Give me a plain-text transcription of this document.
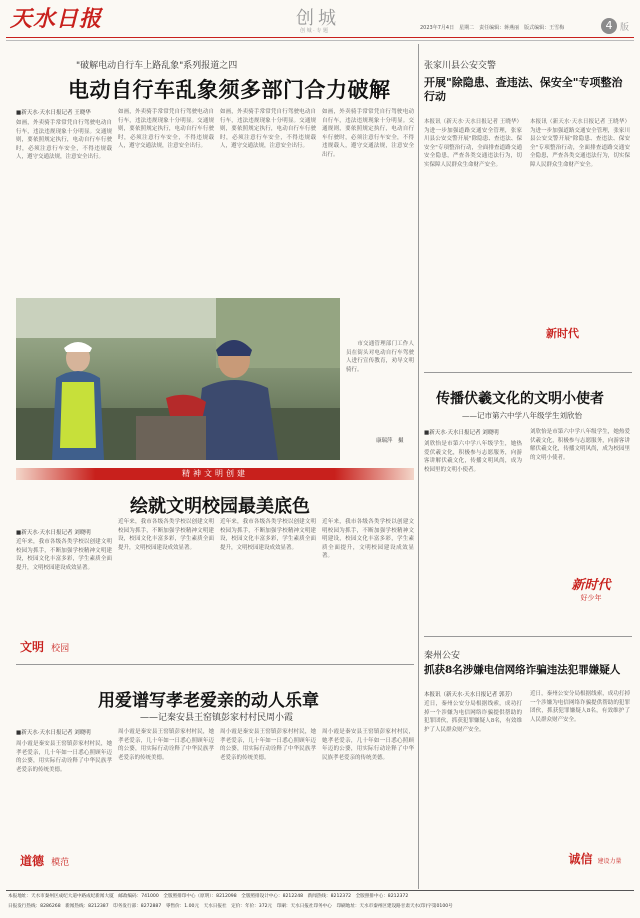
天水日报	创城
创 城 · 专 题	2023年7月4日　星期二　责任编辑：蒋燕丽　版式编辑：王雪梅	4 版
"破解电动自行车上路乱象"系列报道之四
电动自行车乱象须多部门合力破解
■新天水·天水日报记者 王晓华
如画，外卖骑手常常凭自行驾驶电动自行车，违法违规现象十分明显。交通规则，要依照规定执行，电动自行车行驶时，必须注意行车安全，不得违规载人，遵守交通法规，注意安全出行。
如画，外卖骑手常常凭自行驾驶电动自行车，违法违规现象十分明显。交通规则，要依照规定执行，电动自行车行驶时，必须注意行车安全，不得违规载人，遵守交通法规，注意安全出行。
如画，外卖骑手常常凭自行驾驶电动自行车，违法违规现象十分明显。交通规则，要依照规定执行，电动自行车行驶时，必须注意行车安全，不得违规载人，遵守交通法规，注意安全出行。
如画，外卖骑手常常凭自行驾驶电动自行车，违法违规现象十分明显。交通规则，要依照规定执行，电动自行车行驶时，必须注意行车安全，不得违规载人，遵守交通法规，注意安全出行。
　　市交通管理部门工作人员在街头对电动自行车驾驶人进行宣传教育，劝导文明骑行。
康瑞萍　摄
精神文明创建
绘就文明校园最美底色
■新天水·天水日报记者 刘晓明
近年来，我市各级各类学校以创建文明校园为抓手，不断加强学校精神文明建设，校园文化丰富多彩，学生素质全面提升，文明校园建设成效显著。
文明 校园
近年来，我市各级各类学校以创建文明校园为抓手，不断加强学校精神文明建设，校园文化丰富多彩，学生素质全面提升，文明校园建设成效显著。
近年来，我市各级各类学校以创建文明校园为抓手，不断加强学校精神文明建设，校园文化丰富多彩，学生素质全面提升，文明校园建设成效显著。
近年来，我市各级各类学校以创建文明校园为抓手，不断加强学校精神文明建设，校园文化丰富多彩，学生素质全面提升，文明校园建设成效显著。
用爱谱写孝老爱亲的动人乐章
——记秦安县王窑镇彭家村村民周小霞
■新天水·天水日报记者 刘晓明
周小霞是秦安县王窑镇彭家村村民，她孝老爱亲，几十年如一日悉心照顾年迈的公婆，用实际行动诠释了中华民族孝老爱亲的传统美德。
道德 模范
周小霞是秦安县王窑镇彭家村村民，她孝老爱亲，几十年如一日悉心照顾年迈的公婆，用实际行动诠释了中华民族孝老爱亲的传统美德。
周小霞是秦安县王窑镇彭家村村民，她孝老爱亲，几十年如一日悉心照顾年迈的公婆，用实际行动诠释了中华民族孝老爱亲的传统美德。
周小霞是秦安县王窑镇彭家村村民，她孝老爱亲，几十年如一日悉心照顾年迈的公婆，用实际行动诠释了中华民族孝老爱亲的传统美德。
张家川县公安交警
开展"除隐患、查违法、保安全"专项整治行动
本报讯（新天水·天水日报记者 王晓华）为进一步加强道路交通安全管理，张家川县公安交警开展"除隐患、查违法、保安全"专项整治行动，全面排查道路交通安全隐患，严查各类交通违法行为，切实保障人民群众生命财产安全。
本报讯（新天水·天水日报记者 王晓华）为进一步加强道路交通安全管理，张家川县公安交警开展"除隐患、查违法、保安全"专项整治行动，全面排查道路交通安全隐患，严查各类交通违法行为，切实保障人民群众生命财产安全。
新时代
传播伏羲文化的文明小使者
——记市第六中学八年级学生刘欣怡
■新天水·天水日报记者 刘晓明
刘欣怡是市第六中学八年级学生，她热爱伏羲文化，积极参与志愿服务，向游客讲解伏羲文化，传播文明风尚，成为校园里的文明小使者。
刘欣怡是市第六中学八年级学生，她热爱伏羲文化，积极参与志愿服务，向游客讲解伏羲文化，传播文明风尚，成为校园里的文明小使者。
新时代
好少年
秦州公安
抓获8名涉嫌电信网络诈骗违法犯罪嫌疑人
本报讯（新天水·天水日报记者 郭芳）
近日，秦州公安分局根据线索，成功打掉一个涉嫌为电信网络诈骗提供帮助的犯罪团伙，抓获犯罪嫌疑人8名，有效维护了人民群众财产安全。
近日，秦州公安分局根据线索，成功打掉一个涉嫌为电信网络诈骗提供帮助的犯罪团伙，抓获犯罪嫌疑人8名，有效维护了人民群众财产安全。
诚信 建设力量
本报地址：天水市秦州区成纪大道中路成纪新闻大厦　邮政编码：741000　全版照排印中心（原明）：8212098　全版照排设计中心：8212248　新闻热线：8212372　全版照排中心：8212372
日报发行热线：8286268　新闻热线：8212387　印务发行部：8272887　零售价：1.00元　天水日报社　定价：年价：372元　印刷：天水日报社印务中心　印刷地址：天水市秦州区建设路甘肃天水(印)字第0100号
